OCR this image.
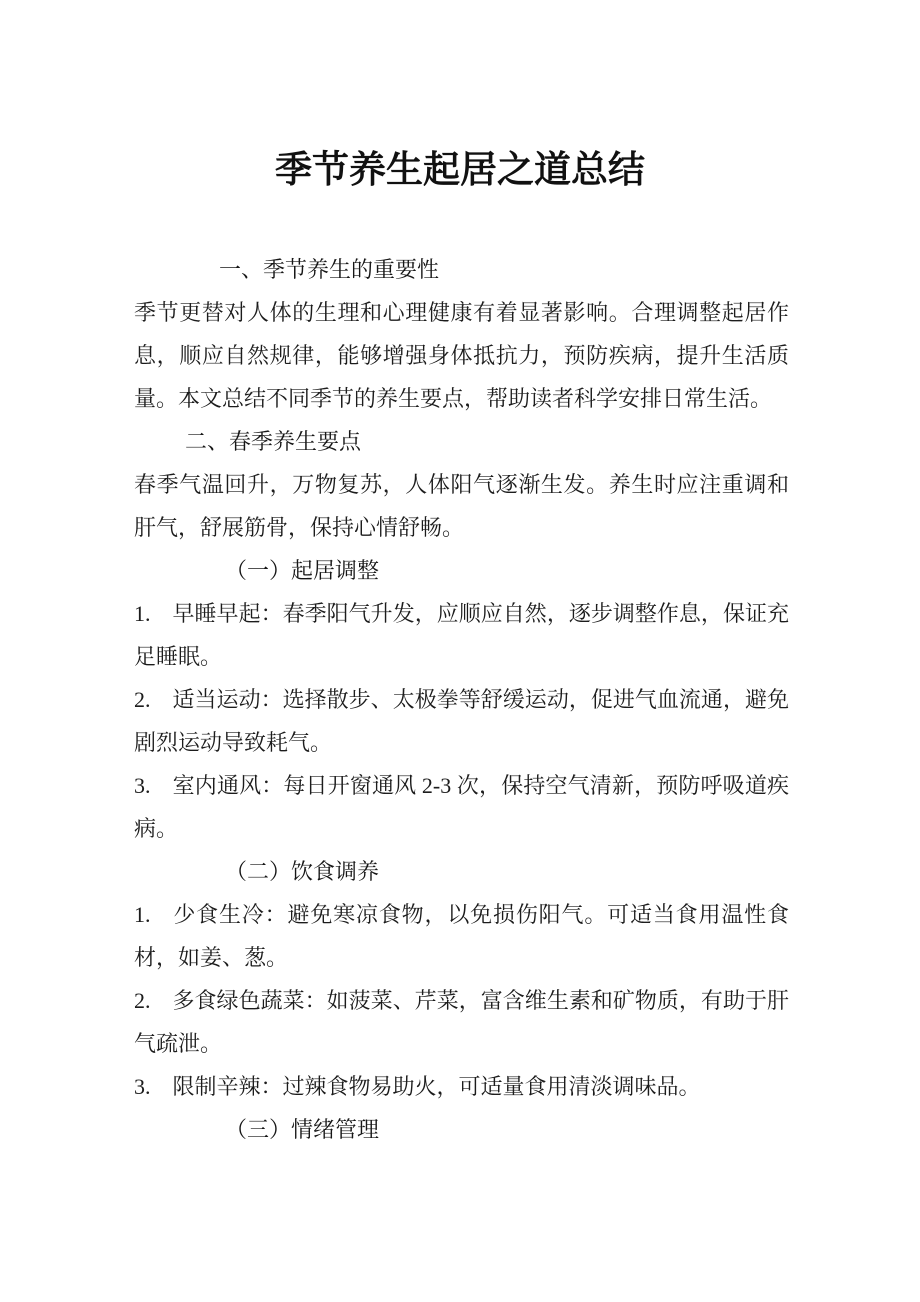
季节养生起居之道总结

一、季节养生的重要性

季节更替对人体的生理和心理健康有着显著影响。合理调整起居作息，顺应自然规律，能够增强身体抵抗力，预防疾病，提升生活质量。本文总结不同季节的养生要点，帮助读者科学安排日常生活。

二、春季养生要点

春季气温回升，万物复苏，人体阳气逐渐生发。养生时应注重调和肝气，舒展筋骨，保持心情舒畅。

（一）起居调整

1. 早睡早起：春季阳气升发，应顺应自然，逐步调整作息，保证充足睡眠。

2. 适当运动：选择散步、太极拳等舒缓运动，促进气血流通，避免剧烈运动导致耗气。

3. 室内通风：每日开窗通风 2-3 次，保持空气清新，预防呼吸道疾病。

（二）饮食调养

1. 少食生冷：避免寒凉食物，以免损伤阳气。可适当食用温性食材，如姜、葱。

2. 多食绿色蔬菜：如菠菜、芹菜，富含维生素和矿物质，有助于肝气疏泄。

3. 限制辛辣：过辣食物易助火，可适量食用清淡调味品。

（三）情绪管理
